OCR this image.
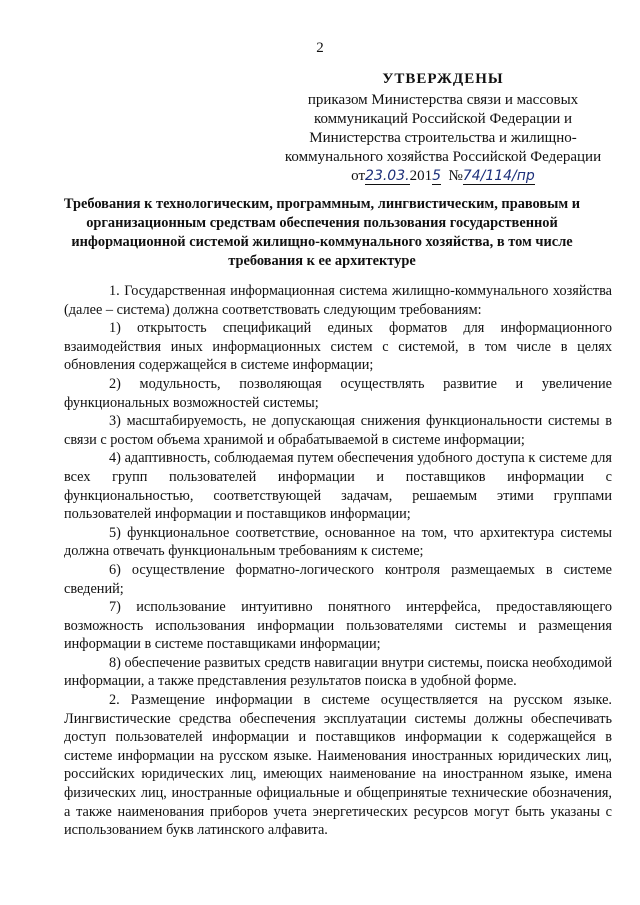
2
УТВЕРЖДЕНЫ
приказом Министерства связи и массовых
коммуникаций Российской Федерации и
Министерства строительства и жилищно-
коммунального хозяйства Российской Федерации
от23.03.2015 №74/114/пр
Требования к технологическим, программным, лингвистическим, правовым и организационным средствам обеспечения пользования государственной информационной системой жилищно-коммунального хозяйства, в том числе требования к ее архитектуре

1. Государственная информационная система жилищно-коммунального хозяйства (далее – система) должна соответствовать следующим требованиям:

1) открытость спецификаций единых форматов для информационного взаимодействия иных информационных систем с системой, в том числе в целях обновления содержащейся в системе информации;

2) модульность, позволяющая осуществлять развитие и увеличение функциональных возможностей системы;

3) масштабируемость, не допускающая снижения функциональности системы в связи с ростом объема хранимой и обрабатываемой в системе информации;

4) адаптивность, соблюдаемая путем обеспечения удобного доступа к системе для всех групп пользователей информации и поставщиков информации с функциональностью, соответствующей задачам, решаемым этими группами пользователей информации и поставщиков информации;

5) функциональное соответствие, основанное на том, что архитектура системы должна отвечать функциональным требованиям к системе;

6) осуществление форматно-логического контроля размещаемых в системе сведений;

7) использование интуитивно понятного интерфейса, предоставляющего возможность использования информации пользователями системы и размещения информации в системе поставщиками информации;

8) обеспечение развитых средств навигации внутри системы, поиска необходимой информации, а также представления результатов поиска в удобной форме.

2. Размещение информации в системе осуществляется на русском языке. Лингвистические средства обеспечения эксплуатации системы должны обеспечивать доступ пользователей информации и поставщиков информации к содержащейся в системе информации на русском языке. Наименования иностранных юридических лиц, российских юридических лиц, имеющих наименование на иностранном языке, имена физических лиц, иностранные официальные и общепринятые технические обозначения, а также наименования приборов учета энергетических ресурсов могут быть указаны с использованием букв латинского алфавита.
